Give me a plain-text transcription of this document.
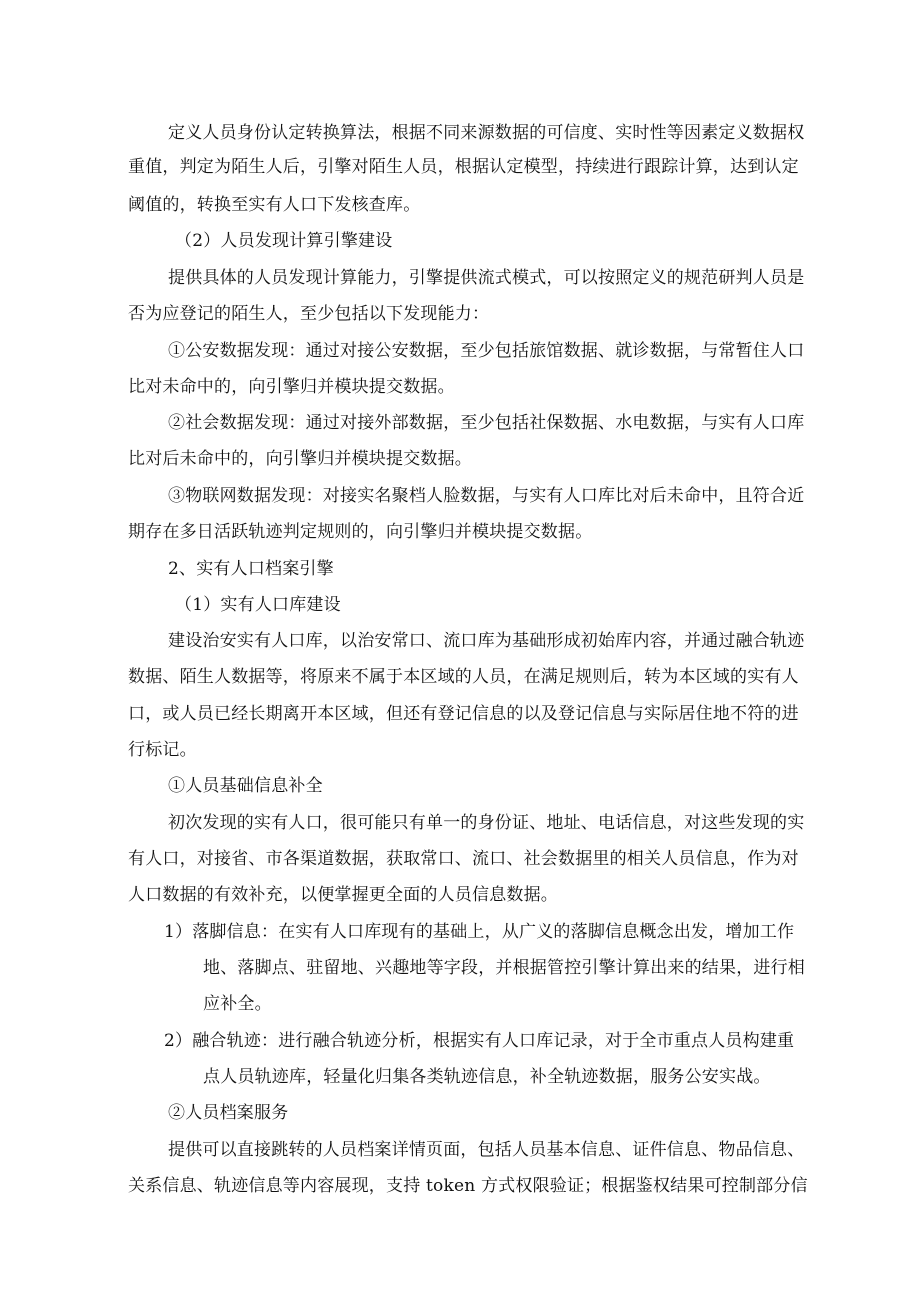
定义人员身份认定转换算法，根据不同来源数据的可信度、实时性等因素定义数据权
重值，判定为陌生人后，引擎对陌生人员，根据认定模型，持续进行跟踪计算，达到认定
阈值的，转换至实有人口下发核查库。
（2）人员发现计算引擎建设
提供具体的人员发现计算能力，引擎提供流式模式，可以按照定义的规范研判人员是
否为应登记的陌生人，至少包括以下发现能力：
①公安数据发现：通过对接公安数据，至少包括旅馆数据、就诊数据，与常暂住人口
比对未命中的，向引擎归并模块提交数据。
②社会数据发现：通过对接外部数据，至少包括社保数据、水电数据，与实有人口库
比对后未命中的，向引擎归并模块提交数据。
③物联网数据发现：对接实名聚档人脸数据，与实有人口库比对后未命中，且符合近
期存在多日活跃轨迹判定规则的，向引擎归并模块提交数据。
2、实有人口档案引擎
（1）实有人口库建设
建设治安实有人口库，以治安常口、流口库为基础形成初始库内容，并通过融合轨迹
数据、陌生人数据等，将原来不属于本区域的人员，在满足规则后，转为本区域的实有人
口，或人员已经长期离开本区域，但还有登记信息的以及登记信息与实际居住地不符的进
行标记。
①人员基础信息补全
初次发现的实有人口，很可能只有单一的身份证、地址、电话信息，对这些发现的实
有人口，对接省、市各渠道数据，获取常口、流口、社会数据里的相关人员信息，作为对
人口数据的有效补充，以便掌握更全面的人员信息数据。
1）落脚信息：在实有人口库现有的基础上，从广义的落脚信息概念出发，增加工作
地、落脚点、驻留地、兴趣地等字段，并根据管控引擎计算出来的结果，进行相
应补全。
2）融合轨迹：进行融合轨迹分析，根据实有人口库记录，对于全市重点人员构建重
点人员轨迹库，轻量化归集各类轨迹信息，补全轨迹数据，服务公安实战。
②人员档案服务
提供可以直接跳转的人员档案详情页面，包括人员基本信息、证件信息、物品信息、
关系信息、轨迹信息等内容展现，支持 token 方式权限验证；根据鉴权结果可控制部分信
